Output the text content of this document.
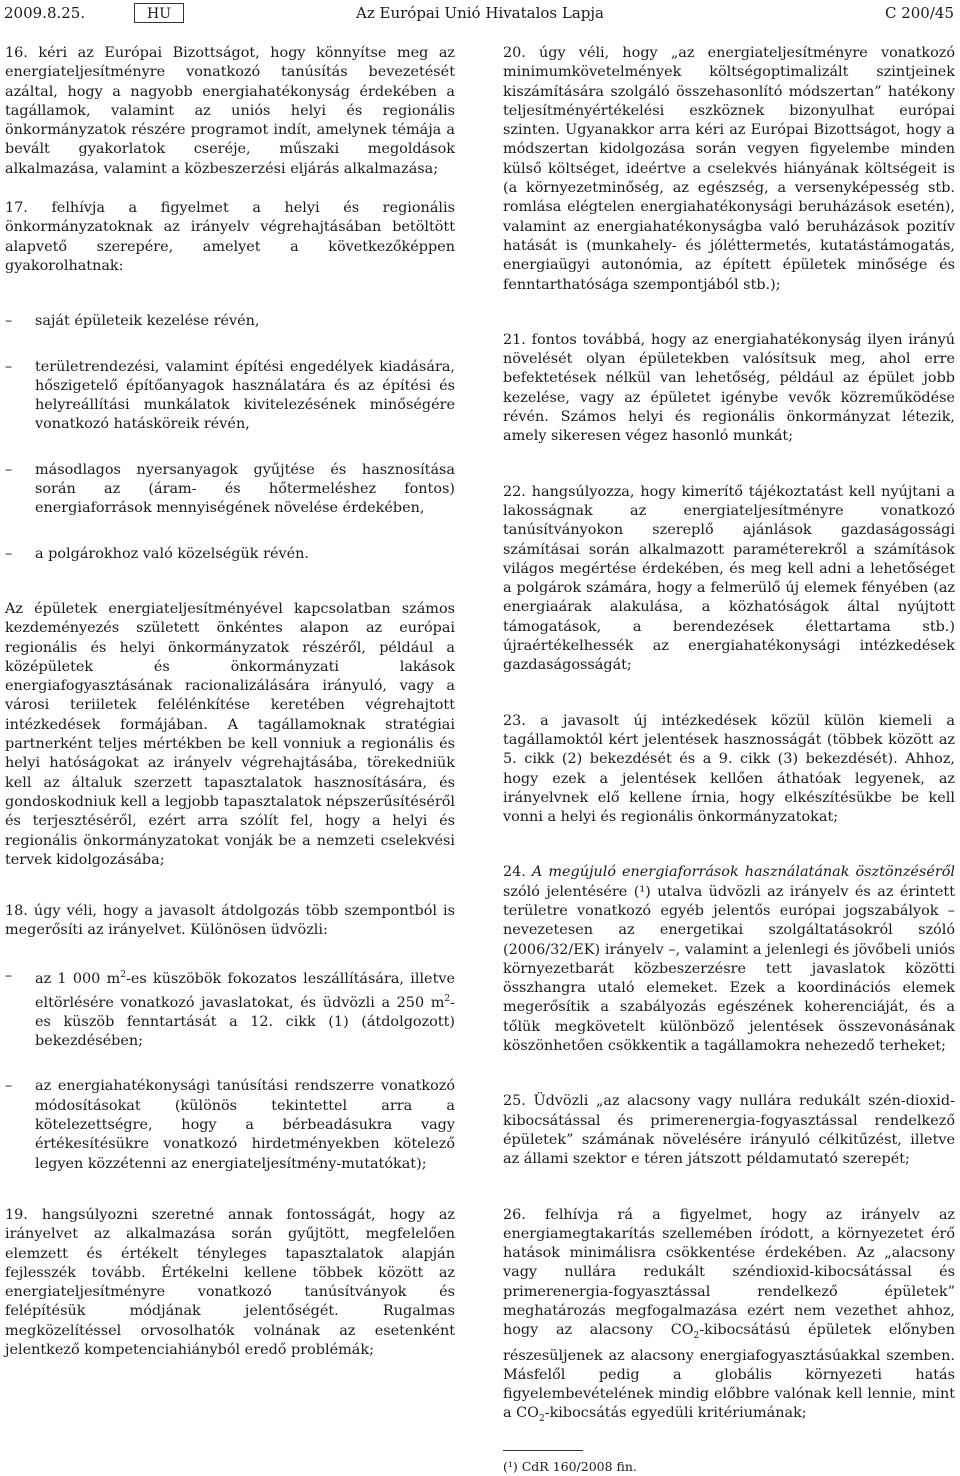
2009.8.25.	HU	Az Európai Unió Hivatalos Lapja	C 200/45

16. kéri az Európai Bizottságot, hogy könnyítse meg az energiateljesítményre vonatkozó tanúsítás bevezetését azáltal, hogy a nagyobb energiahatékonyság érdekében a tagállamok, valamint az uniós helyi és regionális önkormányzatok részére programot indít, amelynek témája a bevált gyakorlatok cseréje, műszaki megoldások alkalmazása, valamint a közbeszerzési eljárás alkalmazása;

17. felhívja a figyelmet a helyi és regionális önkormányzatoknak az irányelv végrehajtásában betöltött alapvető szerepére, amelyet a következőképpen gyakorolhatnak:

– saját épületeik kezelése révén,
– területrendezési, valamint építési engedélyek kiadására, hőszigetelő építőanyagok használatára és az építési és helyreállítási munkálatok kivitelezésének minőségére vonatkozó hatásköreik révén,
– másodlagos nyersanyagok gyűjtése és hasznosítása során az (áram- és hőtermeléshez fontos) energiaforrások mennyiségének növelése érdekében,
– a polgárokhoz való közelségük révén.

Az épületek energiateljesítményével kapcsolatban számos kezdeményezés született önkéntes alapon az európai regionális és helyi önkormányzatok részéről, például a középületek és önkormányzati lakások energiafogyasztásának racionalizálására irányuló, vagy a városi teriiletek felélénkítése keretében végrehajtott intézkedések formájában. A tagállamoknak stratégiai partnerként teljes mértékben be kell vonniuk a regionális és helyi hatóságokat az irányelv végrehajtásába, törekedniük kell az általuk szerzett tapasztalatok hasznosítására, és gondoskodniuk kell a legjobb tapasztalatok népszerűsítéséről és terjesztéséről, ezért arra szólít fel, hogy a helyi és regionális önkormányzatokat vonják be a nemzeti cselekvési tervek kidolgozásába;

18. úgy véli, hogy a javasolt átdolgozás több szempontból is megerősíti az irányelvet. Különösen üdvözli:

– az 1 000 $m^2-es$ küszöbök fokozatos leszállítására, illetve eltörlésére vonatkozó javaslatokat, és üdvözli a 250 $m^2-es$ küszöb fenntartását a 12. cikk (1) (átdolgozott) bekezdésében;
– az energiahatékonysági tanúsítási rendszerre vonatkozó módosításokat (különös tekintettel arra a kötelezettségre, hogy a bérbeadásukra vagy értékesítésükre vonatkozó hirdetményekben kötelező legyen közzétenni az energiateljesítmény-mutatókat);

19. hangsúlyozni szeretné annak fontosságát, hogy az irányelvet az alkalmazása során gyűjtött, megfelelően elemzett és értékelt tényleges tapasztalatok alapján fejlesszék tovább. Értékelni kellene többek között az energiateljesítményre vonatkozó tanúsítványok és felépítésük módjának jelentőségét. Rugalmas megközelítéssel orvosolhatók volnának az esetenként jelentkező kompetenciahiányból eredő problémák;

20. úgy véli, hogy „az energiateljesítményre vonatkozó minimumkövetelmények költségoptimalizált szintjeinek kiszámítására szolgáló összehasonlító módszertan” hatékony teljesítményértékelési eszköznek bizonyulhat európai szinten. Ugyanakkor arra kéri az Európai Bizottságot, hogy a módszertan kidolgozása során vegyen figyelembe minden külső költséget, ideértve a cselekvés hiányának költségeit is (a környezetminőség, az egészség, a versenyképesség stb. romlása elégtelen energiahatékonysági beruházások esetén), valamint az energiahatékonyságba való beruházások pozitív hatását is (munkahely- és jóléttermetés, kutatástámogatás, energiaügyi autonómia, az épített épületek minősége és fenntarthatósága szempontjából stb.);

21. fontos továbbá, hogy az energiahatékonyság ilyen irányú növelését olyan épületekben valósítsuk meg, ahol erre befektetések nélkül van lehetőség, például az épület jobb kezelése, vagy az épületet igénybe vevők közreműködése révén. Számos helyi és regionális önkormányzat létezik, amely sikeresen végez hasonló munkát;

22. hangsúlyozza, hogy kimerítő tájékoztatást kell nyújtani a lakosságnak az energiateljesítményre vonatkozó tanúsítványokon szereplő ajánlások gazdaságossági számításai során alkalmazott paraméterekről a számítások világos megértése érdekében, és meg kell adni a lehetőséget a polgárok számára, hogy a felmerülő új elemek fényében (az energiaárak alakulása, a közhatóságok által nyújtott támogatások, a berendezések élettartama stb.) újraértékelhessék az energiahatékonysági intézkedések gazdaságosságát;

23. a javasolt új intézkedések közül külön kiemeli a tagállamoktól kért jelentések hasznosságát (többek között az 5. cikk (2) bekezdését és a 9. cikk (3) bekezdését). Ahhoz, hogy ezek a jelentések kellően áthatóak legyenek, az irányelvnek elő kellene írnia, hogy elkészítésükbe be kell vonni a helyi és regionális önkormányzatokat;

24. A megújuló energiaforrások használatának ösztönzéséről szóló jelentésére (¹) utalva üdvözli az irányelv és az érintett területre vonatkozó egyéb jelentős európai jogszabályok – nevezetesen az energetikai szolgáltatásokról szóló (2006/32/EK) irányelv –, valamint a jelenlegi és jövőbeli uniós környezetbarát közbeszerzésre tett javaslatok közötti összhangra utaló elemeket. Ezek a koordinációs elemek megerősítik a szabályozás egészének koherenciáját, és a tőlük megkövetelt különböző jelentések összevonásának köszönhetően csökkentik a tagállamokra nehezedő terheket;

25. Üdvözli „az alacsony vagy nullára redukált szén-dioxid-kibocsátással és primerenergia-fogyasztással rendelkező épületek” számának növelésére irányuló célkitűzést, illetve az állami szektor e téren játszott példamutató szerepét;

26. felhívja rá a figyelmet, hogy az irányelv az energiamegtakarítás szellemében íródott, a környezetet érő hatások minimálisra csökkentése érdekében. Az „alacsony vagy nullára redukált széndioxid-kibocsátással és primerenergia-fogyasztással rendelkező épületek” meghatározás megfogalmazása ezért nem vezethet ahhoz, hogy az alacsony $CO_2$-kibocsátású épületek előnyben részesüljenek az alacsony energiafogyasztásúakkal szemben. Másfelől pedig a globális környezeti hatás figyelembevételének mindig előbbre valónak kell lennie, mint a $CO_2$-kibocsátás egyedüli kritériumának;

(¹) CdR 160/2008 fin.
